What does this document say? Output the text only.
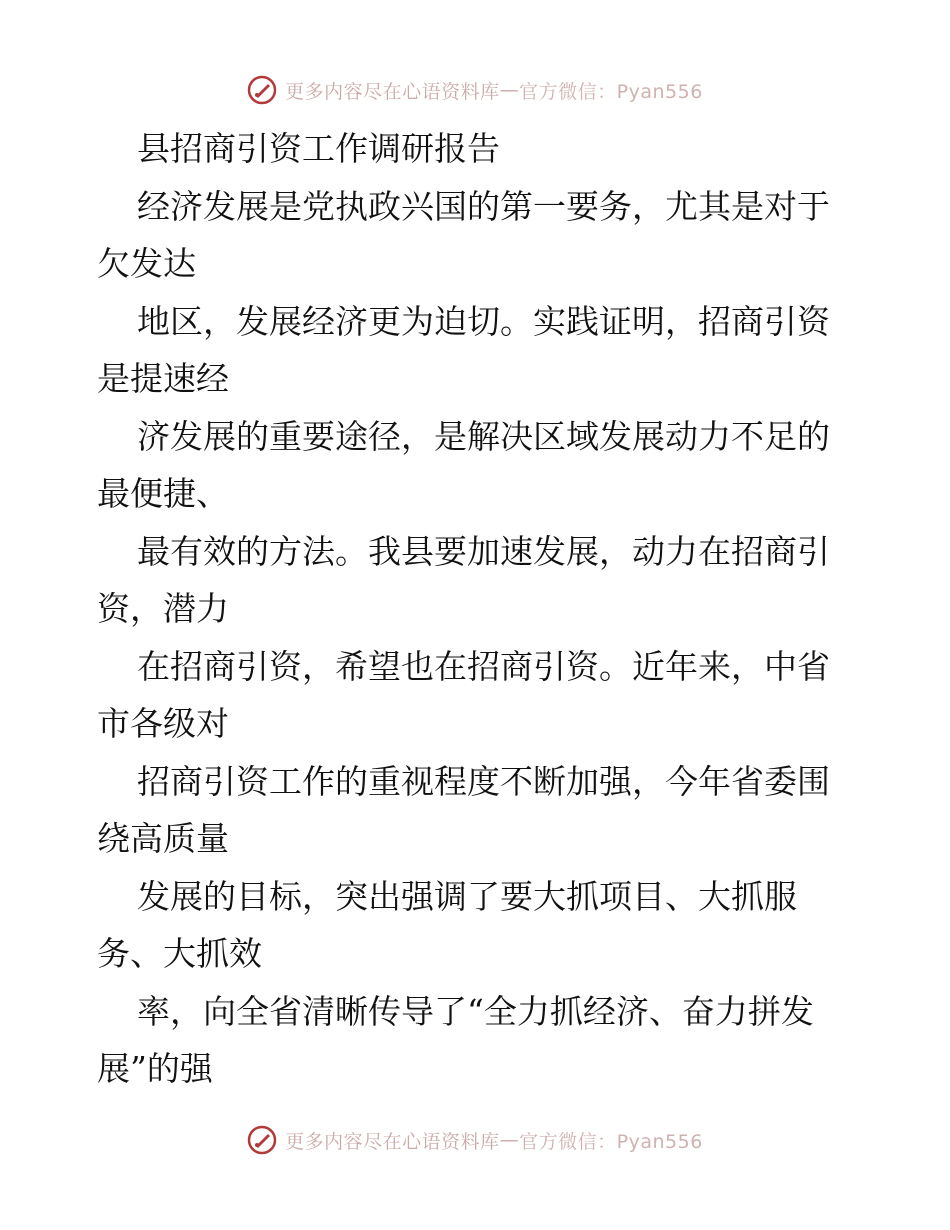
更多内容尽在心语资料库 — 官方微信：Pyan556
县招商引资工作调研报告
经济发展是党执政兴国的第一要务，尤其是对于
欠发达
地区，发展经济更为迫切。实践证明，招商引资
是提速经
济发展的重要途径，是解决区域发展动力不足的
最便捷、
最有效的方法。我县要加速发展，动力在招商引
资，潜力
在招商引资，希望也在招商引资。近年来，中省
市各级对
招商引资工作的重视程度不断加强，今年省委围
绕高质量
发展的目标，突出强调了要大抓项目、大抓服
务、大抓效
率，向全省清晰传导了“全力抓经济、奋力拼发
展”的强
更多内容尽在心语资料库 — 官方微信：Pyan556
